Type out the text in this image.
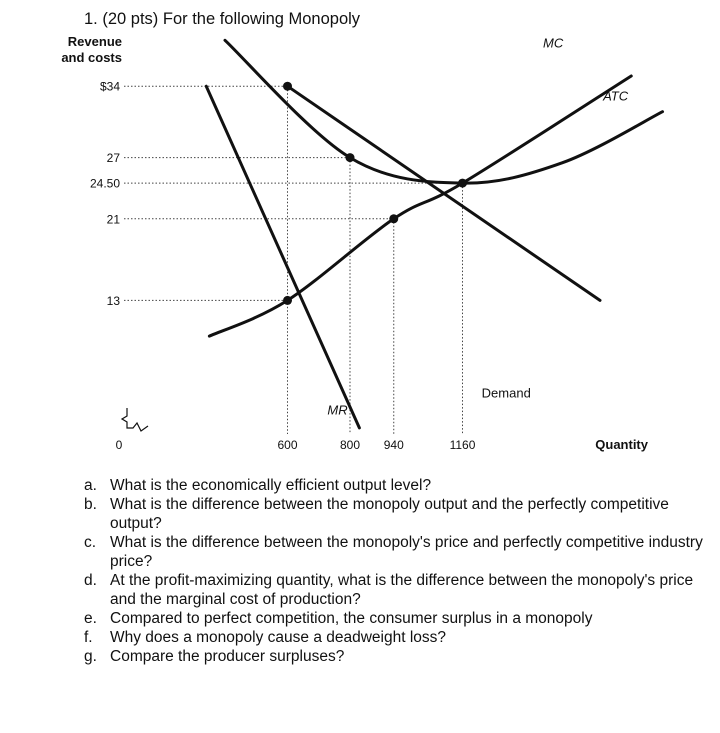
1. (20 pts) For the following Monopoly
$34
27
24.50
21
13
600	800 940	1160
Revenue
and costs
Quantity
0
Demand
MR
MC
ATC
a. What is the economically efficient output level?
b. What is the difference between the monopoly output and the perfectly competitive
output?
c. What is the difference between the monopoly's price and perfectly competitive industry
price?
d. At the profit-maximizing quantity, what is the difference between the monopoly's price
and the marginal cost of production?
e. Compared to perfect competition, the consumer surplus in a monopoly
f. Why does a monopoly cause a deadweight loss?
g. Compare the producer surpluses?
